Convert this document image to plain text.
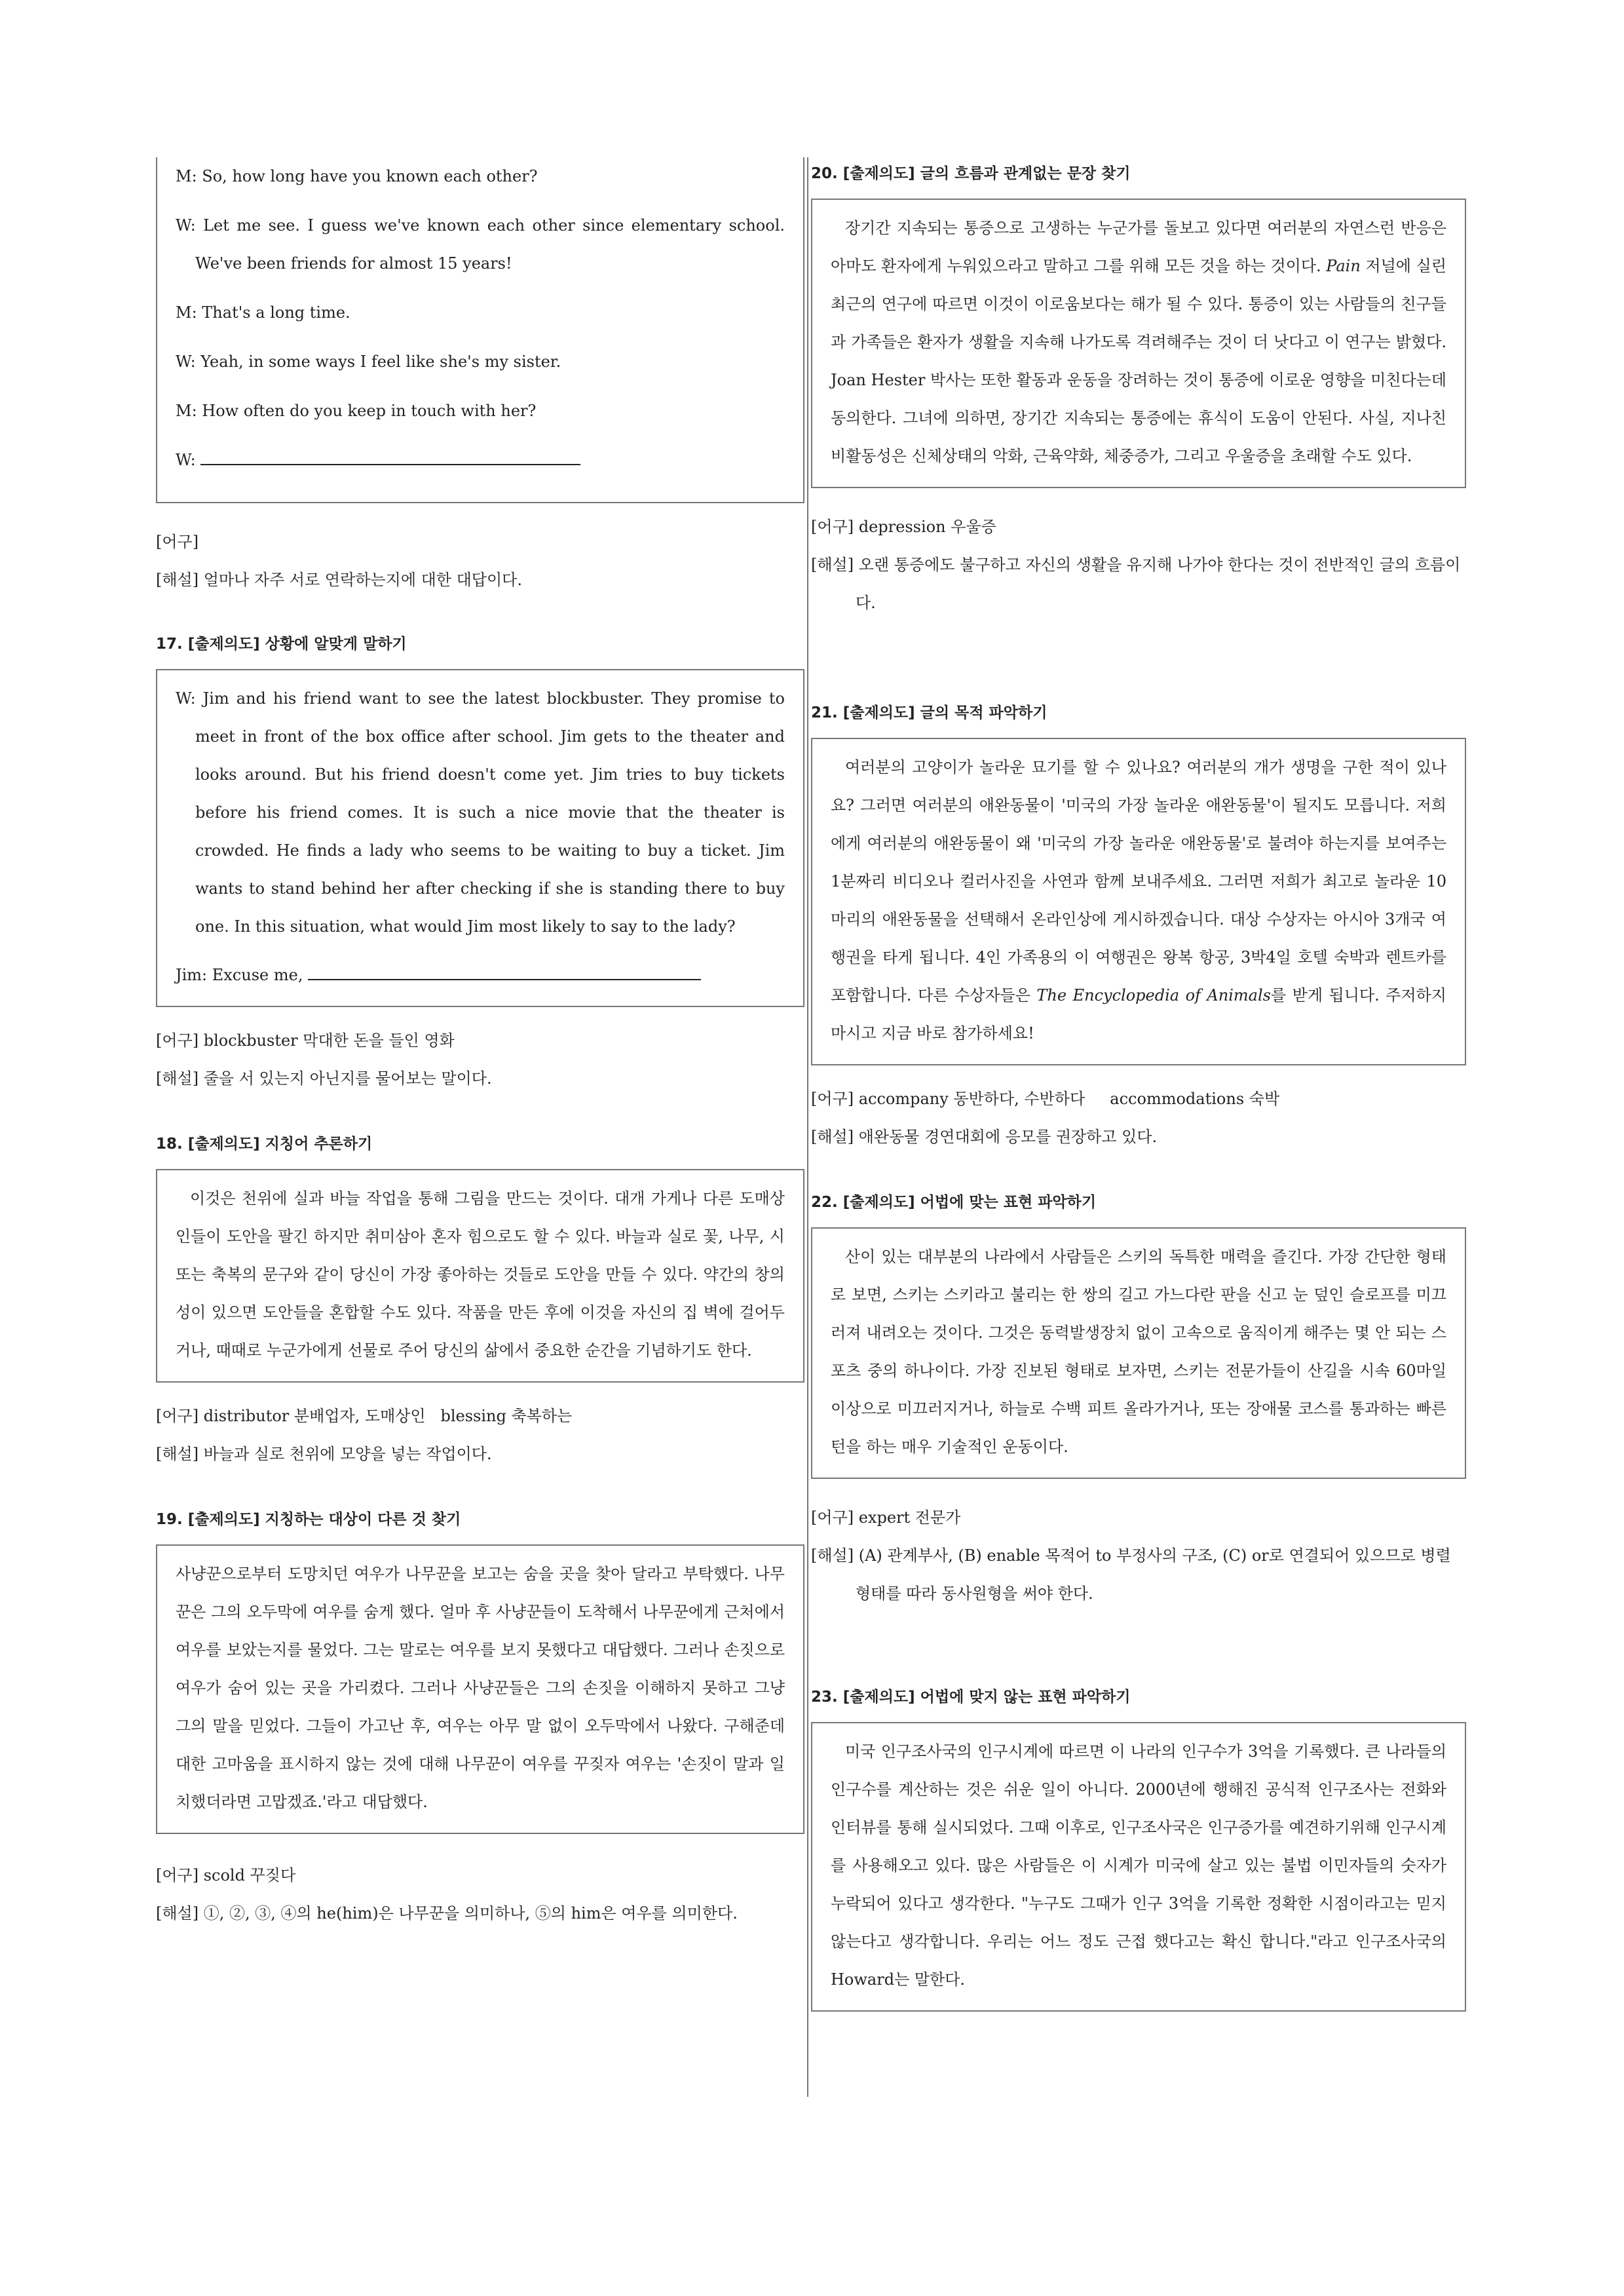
M: So, how long have you known each other?

W: Let me see. I guess we've known each other since elementary school. We've been friends for almost 15 years!

M: That's a long time.

W: Yeah, in some ways I feel like she's my sister.

M: How often do you keep in touch with her?

W:

[어구]

[해설] 얼마나 자주 서로 연락하는지에 대한 대답이다.

17. [출제의도] 상황에 알맞게 말하기

W: Jim and his friend want to see the latest blockbuster. They promise to meet in front of the box office after school. Jim gets to the theater and looks around. But his friend doesn't come yet. Jim tries to buy tickets before his friend comes. It is such a nice movie that the theater is crowded. He finds a lady who seems to be waiting to buy a ticket. Jim wants to stand behind her after checking if she is standing there to buy one. In this situation, what would Jim most likely to say to the lady?

Jim: Excuse me,

[어구] blockbuster 막대한 돈을 들인 영화

[해설] 줄을 서 있는지 아닌지를 물어보는 말이다.

18. [출제의도] 지칭어 추론하기

이것은 천위에 실과 바늘 작업을 통해 그림을 만드는 것이다. 대개 가게나 다른 도매상인들이 도안을 팔긴 하지만 취미삼아 혼자 힘으로도 할 수 있다. 바늘과 실로 꽃, 나무, 시 또는 축복의 문구와 같이 당신이 가장 좋아하는 것들로 도안을 만들 수 있다. 약간의 창의성이 있으면 도안들을 혼합할 수도 있다. 작품을 만든 후에 이것을 자신의 집 벽에 걸어두거나, 때때로 누군가에게 선물로 주어 당신의 삶에서 중요한 순간을 기념하기도 한다.

[어구] distributor 분배업자, 도매상인   blessing 축복하는

[해설] 바늘과 실로 천위에 모양을 넣는 작업이다.

19. [출제의도] 지칭하는 대상이 다른 것 찾기

사냥꾼으로부터 도망치던 여우가 나무꾼을 보고는 숨을 곳을 찾아 달라고 부탁했다. 나무꾼은 그의 오두막에 여우를 숨게 했다. 얼마 후 사냥꾼들이 도착해서 나무꾼에게 근처에서 여우를 보았는지를 물었다. 그는 말로는 여우를 보지 못했다고 대답했다. 그러나 손짓으로 여우가 숨어 있는 곳을 가리켰다. 그러나 사냥꾼들은 그의 손짓을 이해하지 못하고 그냥 그의 말을 믿었다. 그들이 가고난 후, 여우는 아무 말 없이 오두막에서 나왔다. 구해준데 대한 고마움을 표시하지 않는 것에 대해 나무꾼이 여우를 꾸짖자 여우는 '손짓이 말과 일치했더라면 고맙겠죠.'라고 대답했다.

[어구] scold 꾸짖다

[해설] ①, ②, ③, ④의 he(him)은 나무꾼을 의미하나, ⑤의 him은 여우를 의미한다.

20. [출제의도] 글의 흐름과 관계없는 문장 찾기

장기간 지속되는 통증으로 고생하는 누군가를 돌보고 있다면 여러분의 자연스런 반응은 아마도 환자에게 누워있으라고 말하고 그를 위해 모든 것을 하는 것이다. Pain 저널에 실린 최근의 연구에 따르면 이것이 이로움보다는 해가 될 수 있다. 통증이 있는 사람들의 친구들과 가족들은 환자가 생활을 지속해 나가도록 격려해주는 것이 더 낫다고 이 연구는 밝혔다. Joan Hester 박사는 또한 활동과 운동을 장려하는 것이 통증에 이로운 영향을 미친다는데 동의한다. 그녀에 의하면, 장기간 지속되는 통증에는 휴식이 도움이 안된다. 사실, 지나친 비활동성은 신체상태의 악화, 근육약화, 체중증가, 그리고 우울증을 초래할 수도 있다.

[어구] depression 우울증

[해설] 오랜 통증에도 불구하고 자신의 생활을 유지해 나가야 한다는 것이 전반적인 글의 흐름이다.

21. [출제의도] 글의 목적 파악하기

여러분의 고양이가 놀라운 묘기를 할 수 있나요? 여러분의 개가 생명을 구한 적이 있나요? 그러면 여러분의 애완동물이 '미국의 가장 놀라운 애완동물'이 될지도 모릅니다. 저희에게 여러분의 애완동물이 왜 '미국의 가장 놀라운 애완동물'로 불려야 하는지를 보여주는 1분짜리 비디오나 컬러사진을 사연과 함께 보내주세요. 그러면 저희가 최고로 놀라운 10마리의 애완동물을 선택해서 온라인상에 게시하겠습니다. 대상 수상자는 아시아 3개국 여행권을 타게 됩니다. 4인 가족용의 이 여행권은 왕복 항공, 3박4일 호텔 숙박과 렌트카를 포함합니다. 다른 수상자들은 The Encyclopedia of Animals를 받게 됩니다. 주저하지 마시고 지금 바로 참가하세요!

[어구] accompany 동반하다, 수반하다     accommodations 숙박

[해설] 애완동물 경연대회에 응모를 권장하고 있다.

22. [출제의도] 어법에 맞는 표현 파악하기

산이 있는 대부분의 나라에서 사람들은 스키의 독특한 매력을 즐긴다. 가장 간단한 형태로 보면, 스키는 스키라고 불리는 한 쌍의 길고 가느다란 판을 신고 눈 덮인 슬로프를 미끄러져 내려오는 것이다. 그것은 동력발생장치 없이 고속으로 움직이게 해주는 몇 안 되는 스포츠 중의 하나이다. 가장 진보된 형태로 보자면, 스키는 전문가들이 산길을 시속 60마일 이상으로 미끄러지거나, 하늘로 수백 피트 올라가거나, 또는 장애물 코스를 통과하는 빠른 턴을 하는 매우 기술적인 운동이다.

[어구] expert 전문가

[해설] (A) 관계부사, (B) enable 목적어 to 부정사의 구조, (C) or로 연결되어 있으므로 병렬 형태를 따라 동사원형을 써야 한다.

23. [출제의도] 어법에 맞지 않는 표현 파악하기

미국 인구조사국의 인구시계에 따르면 이 나라의 인구수가 3억을 기록했다. 큰 나라들의 인구수를 계산하는 것은 쉬운 일이 아니다. 2000년에 행해진 공식적 인구조사는 전화와 인터뷰를 통해 실시되었다. 그때 이후로, 인구조사국은 인구증가를 예견하기위해 인구시계를 사용해오고 있다. 많은 사람들은 이 시계가 미국에 살고 있는 불법 이민자들의 숫자가 누락되어 있다고 생각한다. "누구도 그때가 인구 3억을 기록한 정확한 시점이라고는 믿지 않는다고 생각합니다. 우리는 어느 정도 근접 했다고는 확신 합니다."라고 인구조사국의 Howard는 말한다.
